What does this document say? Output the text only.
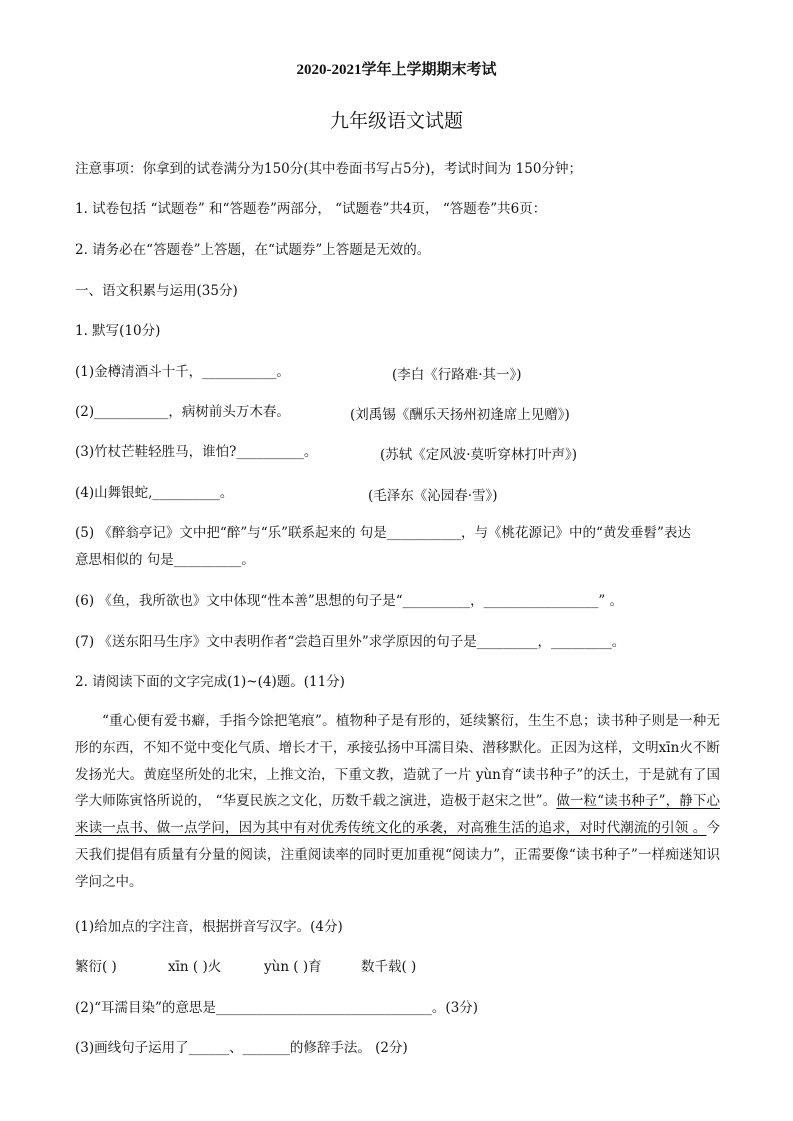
2020-2021学年上学期期末考试
九年级语文试题
注意事项：你拿到的试卷满分为150分(其中卷面书写占5分)，考试时间为 150分钟；
1. 试卷包括 “试题卷” 和“答题卷”两部分， “试题卷”共4页， “答题卷”共6页：
2. 请务必在“答题卷”上答题，在“试题券”上答题是无效的。
一、语文积累与运用(35分)
1. 默写(10分)
(1)金樽清酒斗十千，___________。	(李白《行路难·其一》)
(2)___________，病树前头万木春。	(刘禹锡《酬乐天扬州初逢席上见赠》)
(3)竹杖芒鞋轻胜马，谁怕?__________。	(苏轼《定风波·莫听穿林打叶声》)
(4)山舞银蛇,__________。	(毛泽东《沁园春·雪》)
(5) 《醉翁亭记》文中把“醉”与“乐”联系起来的 句是___________，与《桃花源记》中的“黄发垂髫”表达
意思相似的 句是__________。
(6) 《鱼，我所欲也》文中体现“性本善”思想的句子是“__________，_________________” 。
(7) 《送东阳马生序》文中表明作者“尝趋百里外”求学原因的句子是_________，_________。
2. 请阅读下面的文字完成(1)~(4)题。(11分)
“重心便有爱书癖，手指今馀把笔痕”。植物种子是有形的，延续繁衍，生生不息；读书种子则是一种无形的东西，不知不觉中变化气质、增长才干，承接弘扬中耳濡目染、潜移默化。正因为这样，文明xīn火不断发扬光大。黄庭坚所处的北宋，上推文治，下重文教，造就了一片 yùn育“读书种子”的沃土，于是就有了国学大师陈寅恪所说的， “华夏民族之文化，历数千载之演进，造极于赵宋之世”。做一粒“读书种子”，静下心来读一点书、做一点学问，因为其中有对优秀传统文化的承袭，对高雅生活的追求，对时代潮流的引领 。今天我们提倡有质量有分量的阅读，注重阅读率的同时更加重视“阅读力”，正需要像“读书种子”一样痴迷知识学问之中。
(1)给加点的字注音，根据拼音写汉字。(4分)
繁衍( )	xīn ( )火	yùn ( )育	数千载( )
(2)“耳濡目染”的意思是________________________________。(3分)
(3)画线句子运用了______、_______的修辞手法。 (2分)
